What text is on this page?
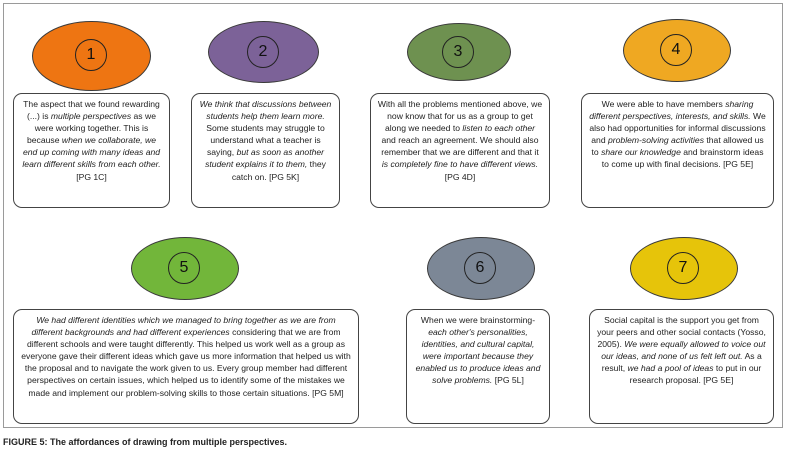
1
The aspect that we found rewarding (...) is multiple perspectives as we were working together. This is because when we collaborate, we end up coming with many ideas and learn different skills from each other. [PG 1C]
2
We think that discussions between students help them learn more. Some students may struggle to understand what a teacher is saying, but as soon as another student explains it to them, they catch on. [PG 5K]
3
With all the problems mentioned above, we now know that for us as a group to get along we needed to listen to each other and reach an agreement. We should also remember that we are different and that it is completely fine to have different views. [PG 4D]
4
We were able to have members sharing different perspectives, interests, and skills. We also had opportunities for informal discussions and problem-solving activities that allowed us to share our knowledge and brainstorm ideas to come up with final decisions. [PG 5E]
5
We had different identities which we managed to bring together as we are from different backgrounds and had different experiences considering that we are from different schools and were taught differently. This helped us work well as a group as everyone gave their different ideas which gave us more information that helped us with the proposal and to navigate the work given to us. Every group member had different perspectives on certain issues, which helped us to identify some of the mistakes we made and implement our problem-solving skills to those certain situations. [PG 5M]
6
When we were brainstorming- each other's personalities, identities, and cultural capital, were important because they enabled us to produce ideas and solve problems. [PG 5L]
7
Social capital is the support you get from your peers and other social contacts (Yosso, 2005). We were equally allowed to voice out our ideas, and none of us felt left out. As a result, we had a pool of ideas to put in our research proposal. [PG 5E]
FIGURE 5: The affordances of drawing from multiple perspectives.
